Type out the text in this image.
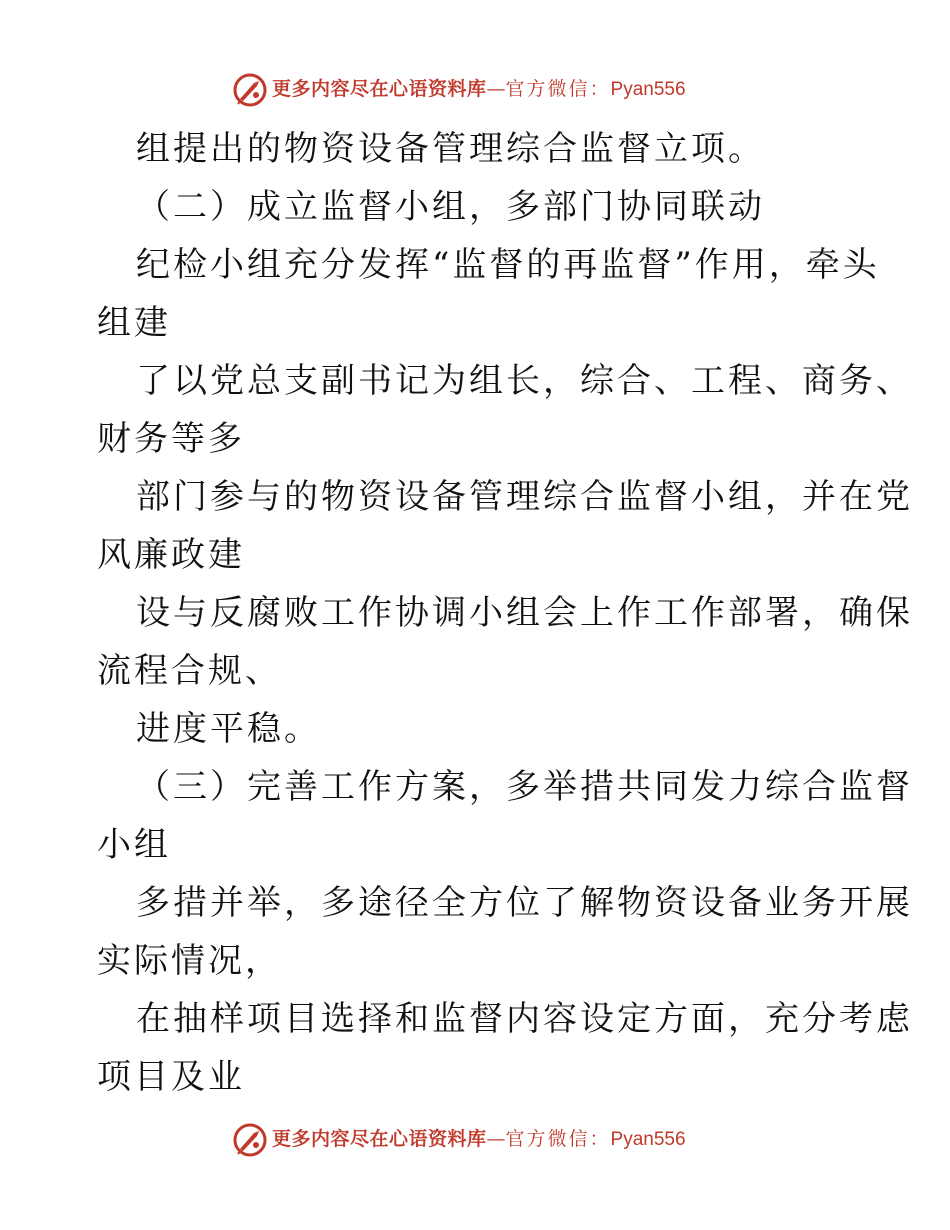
更多内容尽在心语资料库—官方微信：Pyan556
组提出的物资设备管理综合监督立项。
（二）成立监督小组，多部门协同联动
纪检小组充分发挥“监督的再监督”作用，牵头
组建
了以党总支副书记为组长，综合、工程、商务、
财务等多
部门参与的物资设备管理综合监督小组，并在党
风廉政建
设与反腐败工作协调小组会上作工作部署，确保
流程合规、
进度平稳。
（三）完善工作方案，多举措共同发力综合监督
小组
多措并举，多途径全方位了解物资设备业务开展
实际情况，
在抽样项目选择和监督内容设定方面，充分考虑
项目及业
更多内容尽在心语资料库—官方微信：Pyan556
